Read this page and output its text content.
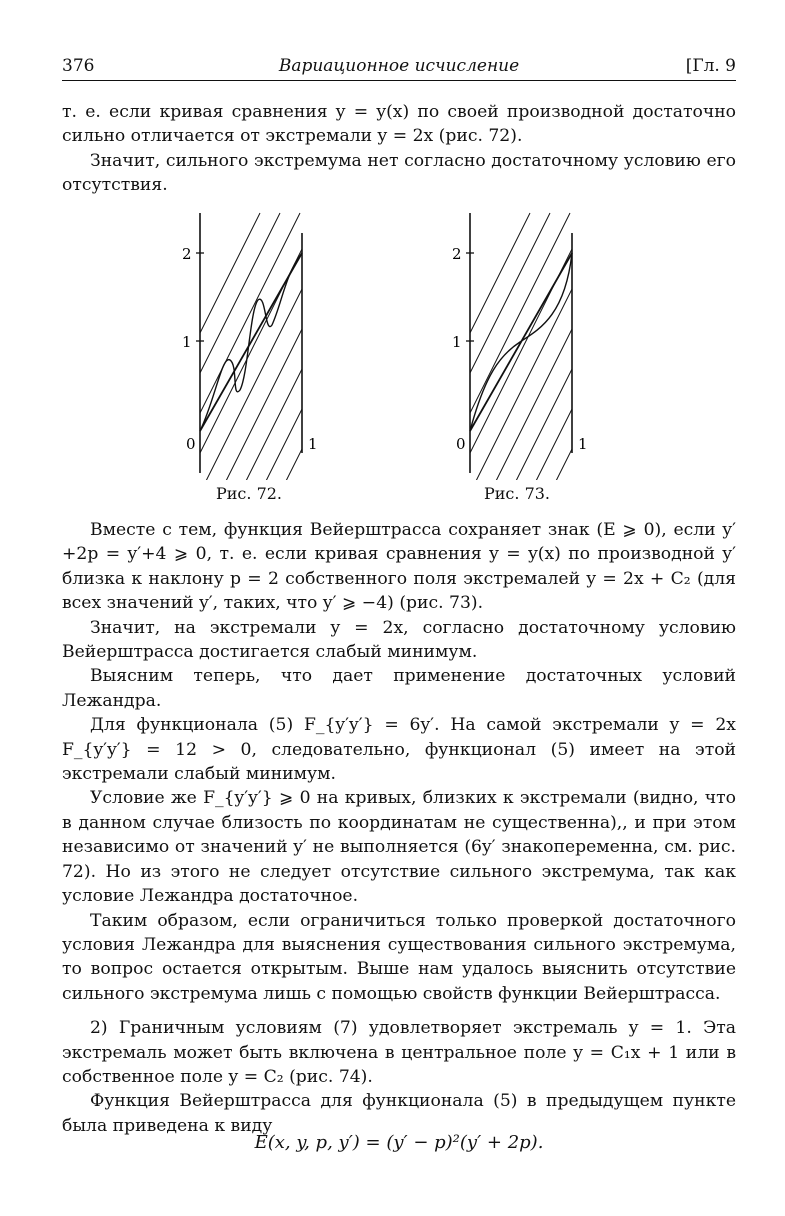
376	Вариационное исчисление	[Гл. 9

т. е. если кривая сравнения y = y(x) по своей производной достаточно сильно отличается от экстремали y = 2x (рис. 72).

Значит, сильного экстремума нет согласно достаточному условию его отсутствия.

2
1
0	1
Рис. 72.
2
1
0	1
Рис. 73.

Вместе с тем, функция Вейерштрасса сохраняет знак (E ⩾ 0), если y′+2p = y′+4 ⩾ 0, т. е. если кривая сравнения y = y(x) по производной y′ близка к наклону p = 2 собственного поля экстремалей y = 2x + C₂ (для всех значений y′, таких, что y′ ⩾ −4) (рис. 73).

Значит, на экстремали y = 2x, согласно достаточному условию Вейерштрасса достигается слабый минимум.

Выясним теперь, что дает применение достаточных условий Лежандра.

Для функционала (5) F_{y′y′} = 6y′. На самой экстремали y = 2x F_{y′y′} = 12 > 0, следовательно, функционал (5) имеет на этой экстремали слабый минимум.

Условие же F_{y′y′} ⩾ 0 на кривых, близких к экстремали (видно, что в данном случае близость по координатам не существенна),, и при этом независимо от значений y′ не выполняется (6y′ знакопеременна, см. рис. 72). Но из этого не следует отсутствие сильного экстремума, так как условие Лежандра достаточное.

Таким образом, если ограничиться только проверкой достаточного условия Лежандра для выяснения существования сильного экстремума, то вопрос остается открытым. Выше нам удалось выяснить отсутствие сильного экстремума лишь с помощью свойств функции Вейерштрасса.

2) Граничным условиям (7) удовлетворяет экстремаль y = 1. Эта экстремаль может быть включена в центральное поле y = C₁x + 1 или в собственное поле y = C₂ (рис. 74).

Функция Вейерштрасса для функционала (5) в предыдущем пункте была приведена к виду

E(x, y, p, y′) = (y′ − p)²(y′ + 2p).
